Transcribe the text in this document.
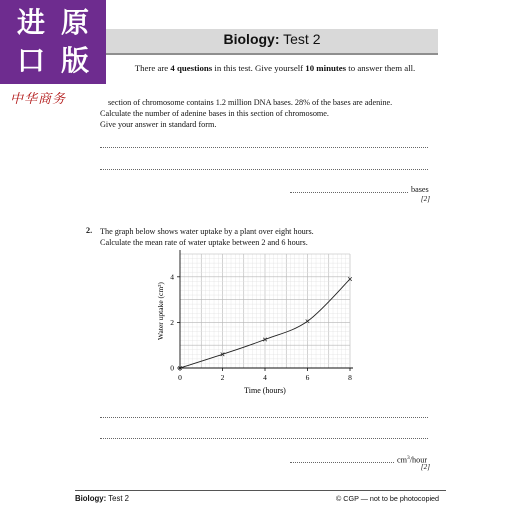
进 原
口 版
中华商务
Biology: Test 2
There are 4 questions in this test. Give yourself 10 minutes to answer them all.
section of chromosome contains 1.2 million DNA bases. 28% of the bases are adenine.
Calculate the number of adenine bases in this section of chromosome.
Give your answer in standard form.
bases
[2]
2. The graph below shows water uptake by a plant over eight hours.
Calculate the mean rate of water uptake between 2 and 6 hours.
0	2	4	6	8
0
2
4
Time (hours)
Water uptake (cm³)
$cm^3$/hour
[2]
Biology: Test 2	© CGP — not to be photocopied
